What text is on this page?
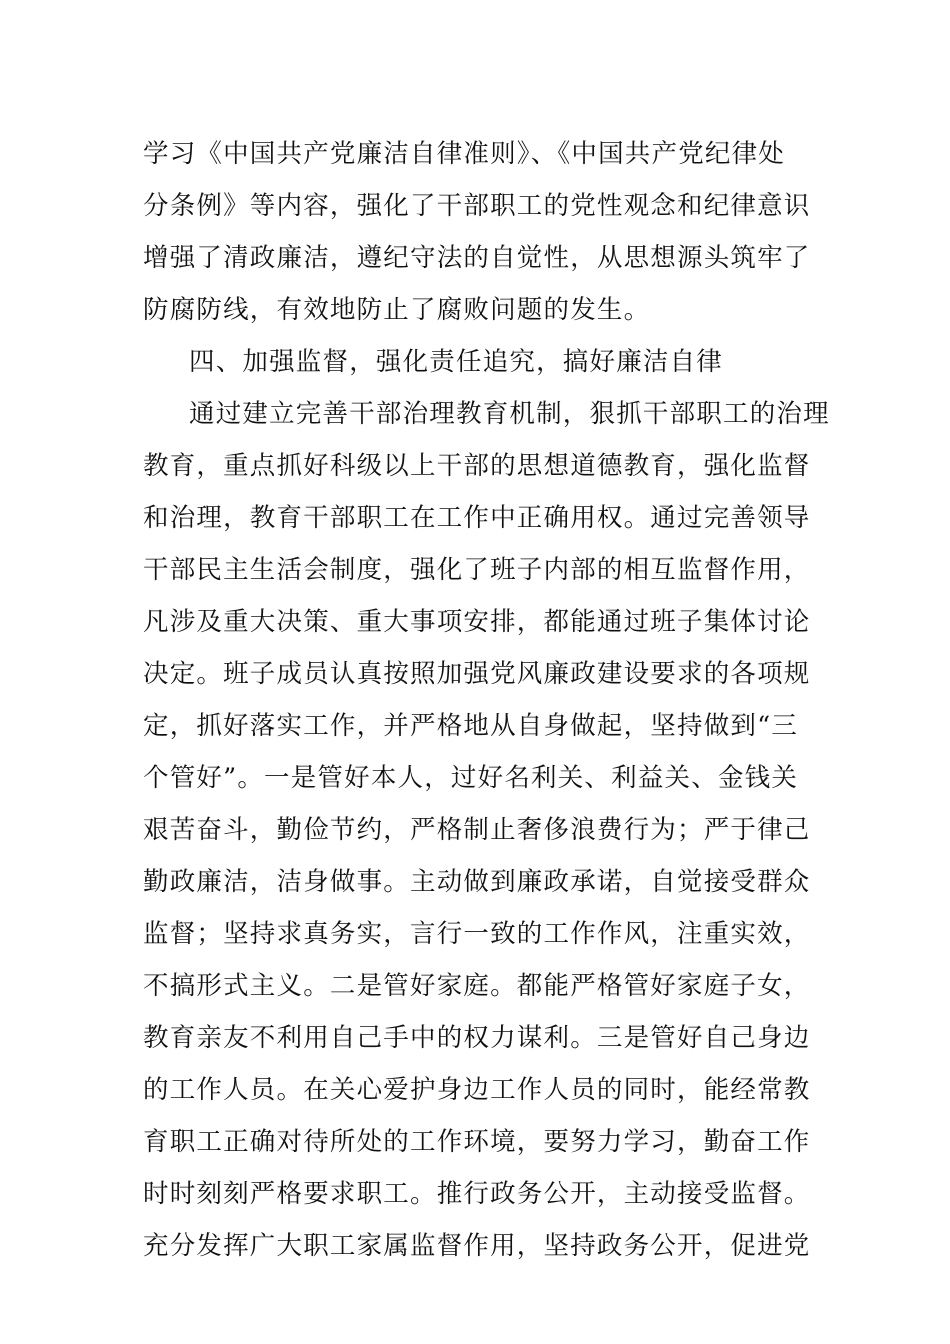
学习《中国共产党廉洁自律准则》、《中国共产党纪律处
分条例》等内容，强化了干部职工的党性观念和纪律意识
增强了清政廉洁，遵纪守法的自觉性，从思想源头筑牢了
防腐防线，有效地防止了腐败问题的发生。
四、加强监督，强化责任追究，搞好廉洁自律
通过建立完善干部治理教育机制，狠抓干部职工的治理
教育，重点抓好科级以上干部的思想道德教育，强化监督
和治理，教育干部职工在工作中正确用权。通过完善领导
干部民主生活会制度，强化了班子内部的相互监督作用，
凡涉及重大决策、重大事项安排，都能通过班子集体讨论
决定。班子成员认真按照加强党风廉政建设要求的各项规
定，抓好落实工作，并严格地从自身做起，坚持做到“三
个管好”。一是管好本人，过好名利关、利益关、金钱关
艰苦奋斗，勤俭节约，严格制止奢侈浪费行为；严于律己
勤政廉洁，洁身做事。主动做到廉政承诺，自觉接受群众
监督；坚持求真务实，言行一致的工作作风，注重实效，
不搞形式主义。二是管好家庭。都能严格管好家庭子女，
教育亲友不利用自己手中的权力谋利。三是管好自己身边
的工作人员。在关心爱护身边工作人员的同时，能经常教
育职工正确对待所处的工作环境，要努力学习，勤奋工作
时时刻刻严格要求职工。推行政务公开，主动接受监督。
充分发挥广大职工家属监督作用，坚持政务公开，促进党
